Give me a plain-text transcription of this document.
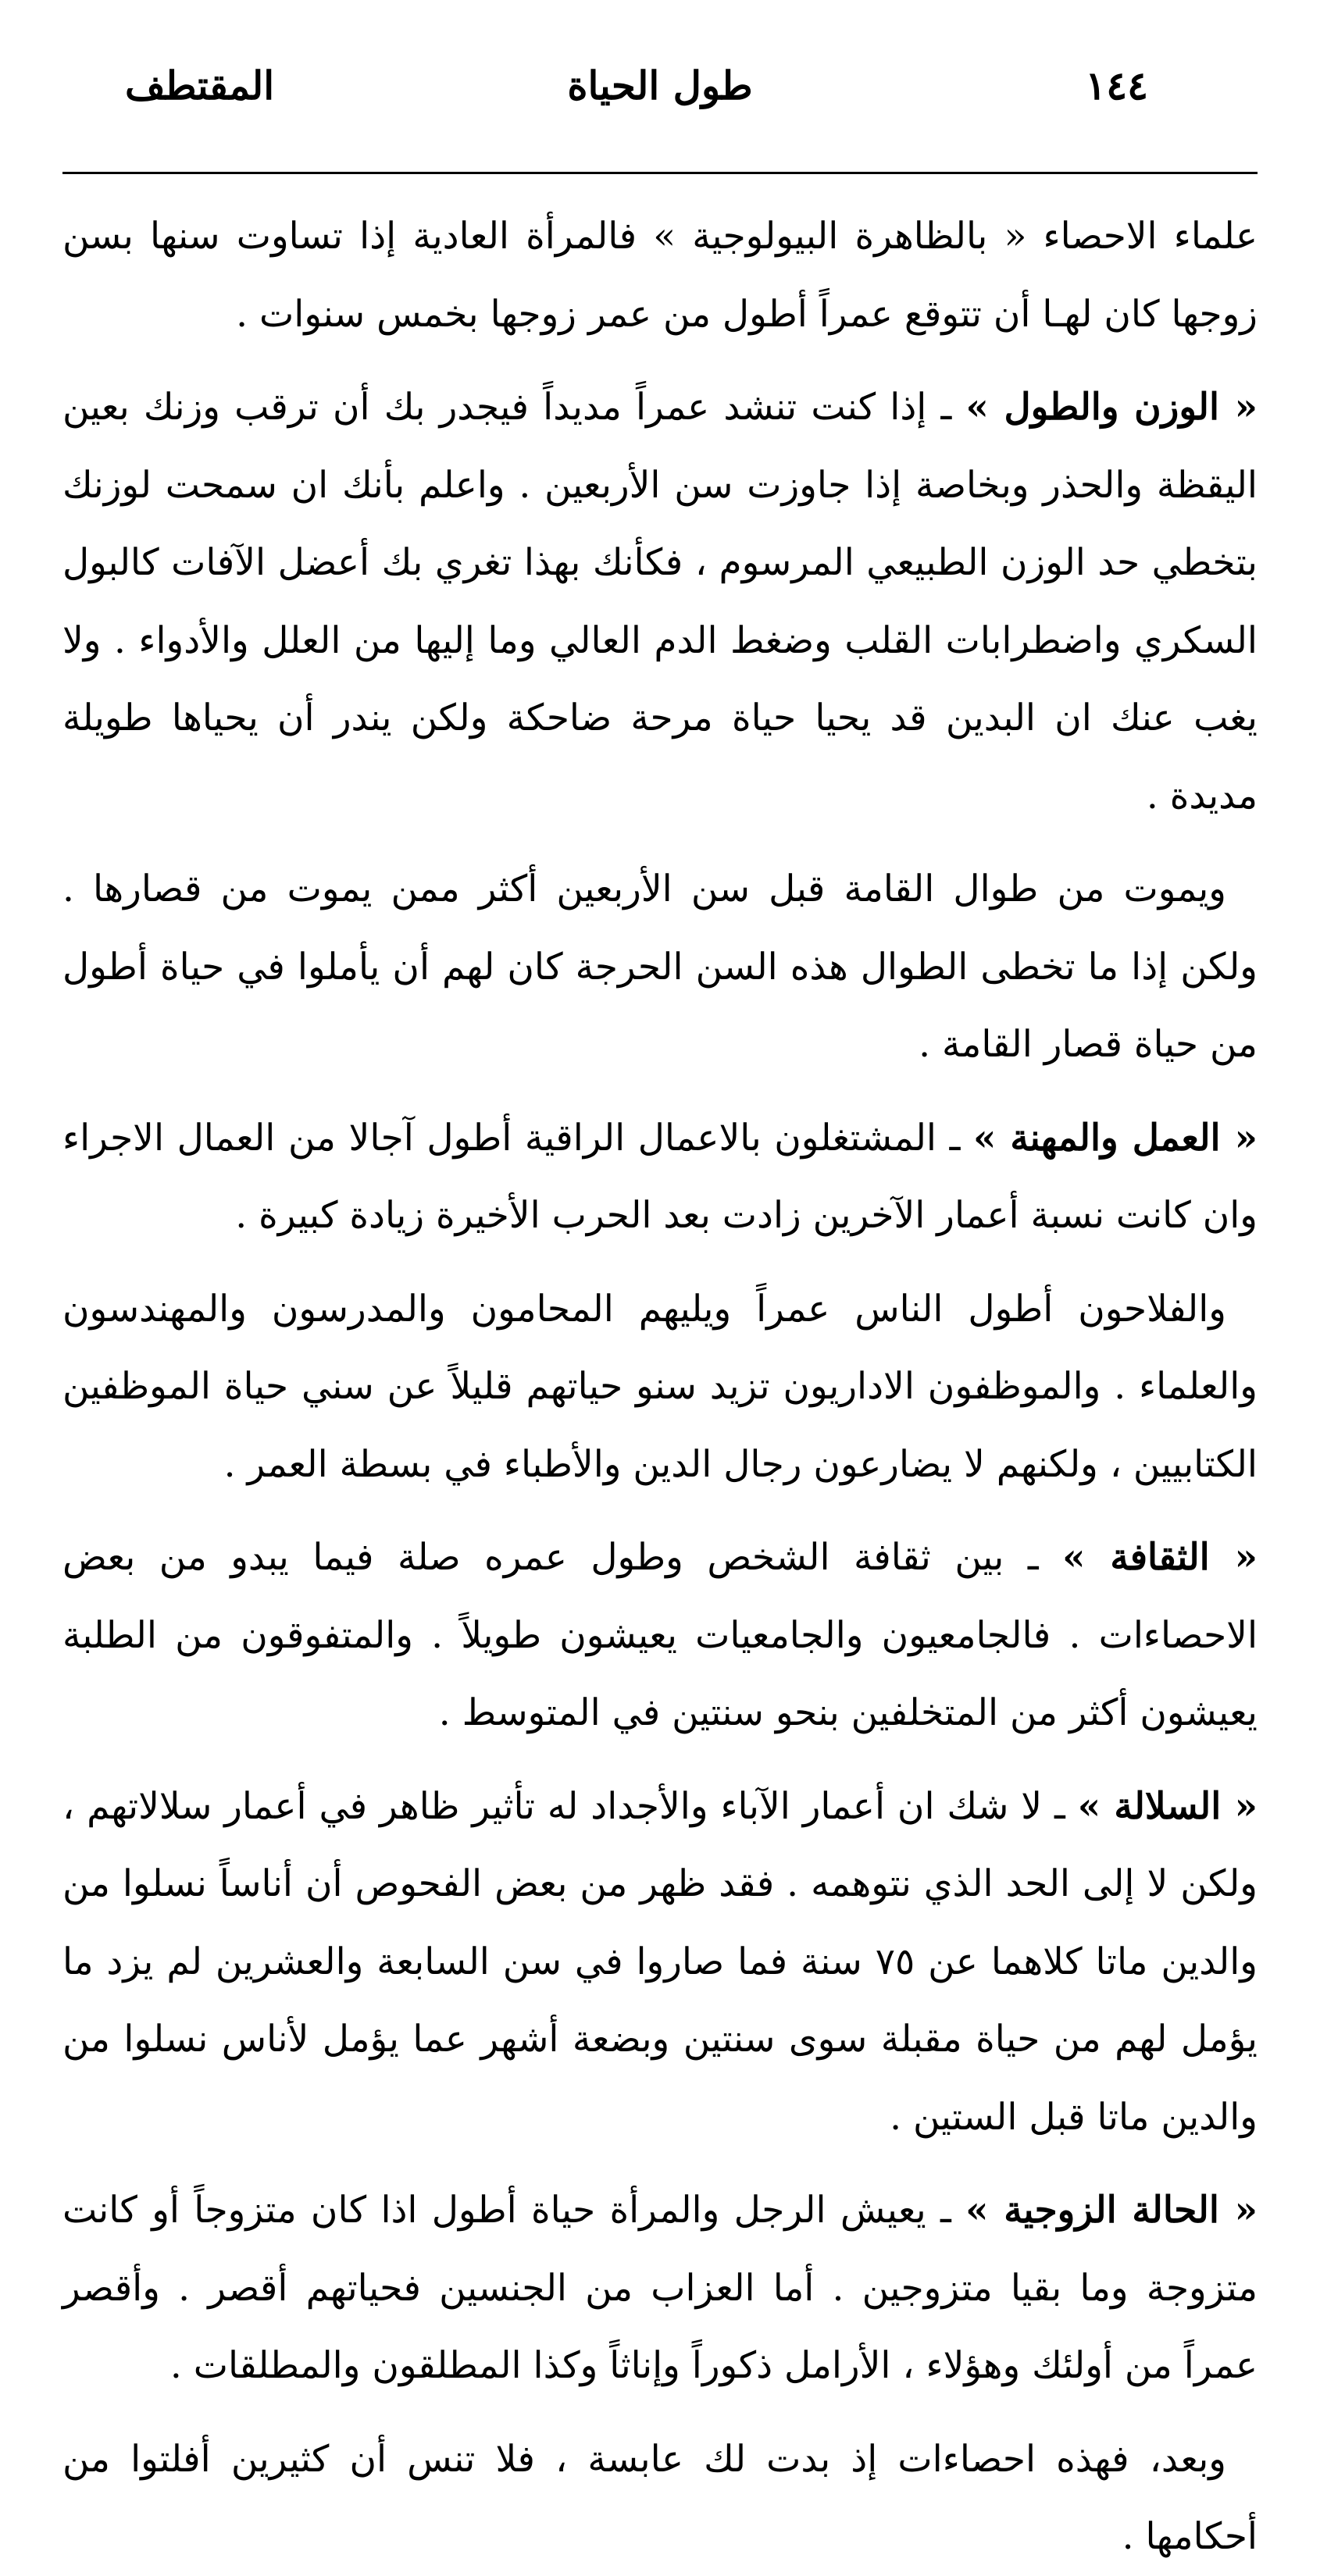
١٤٤
طول الحياة
المقتطف

علماء الاحصاء « بالظاهرة البيولوجية » فالمرأة العادية إذا تساوت سنها بسن زوجها كان لهـا أن تتوقع عمراً أطول من عمر زوجها بخمس سنوات .

« الوزن والطول » ـ إذا كنت تنشد عمراً مديداً فيجدر بك أن ترقب وزنك بعين اليقظة والحذر وبخاصة إذا جاوزت سن الأربعين . واعلم بأنك ان سمحت لوزنك بتخطي حد الوزن الطبيعي المرسوم ، فكأنك بهذا تغري بك أعضل الآفات كالبول السكري واضطرابات القلب وضغط الدم العالي وما إليها من العلل والأدواء . ولا يغب عنك ان البدين قد يحيا حياة مرحة ضاحكة ولكن يندر أن يحياها طويلة مديدة .

ويموت من طوال القامة قبل سن الأربعين أكثر ممن يموت من قصارها . ولكن إذا ما تخطى الطوال هذه السن الحرجة كان لهم أن يأملوا في حياة أطول من حياة قصار القامة .

« العمل والمهنة » ـ المشتغلون بالاعمال الراقية أطول آجالا من العمال الاجراء وان كانت نسبة أعمار الآخرين زادت بعد الحرب الأخيرة زيادة كبيرة .

والفلاحون أطول الناس عمراً ويليهم المحامون والمدرسون والمهندسون والعلماء . والموظفون الاداريون تزيد سنو حياتهم قليلاً عن سني حياة الموظفين الكتابيين ، ولكنهم لا يضارعون رجال الدين والأطباء في بسطة العمر .

« الثقافة » ـ بين ثقافة الشخص وطول عمره صلة فيما يبدو من بعض الاحصاءات . فالجامعيون والجامعيات يعيشون طويلاً . والمتفوقون من الطلبة يعيشون أكثر من المتخلفين بنحو سنتين في المتوسط .

« السلالة » ـ لا شك ان أعمار الآباء والأجداد له تأثير ظاهر في أعمار سلالاتهم ، ولكن لا إلى الحد الذي نتوهمه . فقد ظهر من بعض الفحوص أن أناساً نسلوا من والدين ماتا كلاهما عن ٧٥ سنة فما صاروا في سن السابعة والعشرين لم يزد ما يؤمل لهم من حياة مقبلة سوى سنتين وبضعة أشهر عما يؤمل لأناس نسلوا من والدين ماتا قبل الستين .

« الحالة الزوجية » ـ يعيش الرجل والمرأة حياة أطول اذا كان متزوجاً أو كانت متزوجة وما بقيا متزوجين . أما العزاب من الجنسين فحياتهم أقصر . وأقصر عمراً من أولئك وهؤلاء ، الأرامل ذكوراً وإناثاً وكذا المطلقون والمطلقات .

وبعد، فهذه احصاءات إذ بدت لك عابسة ، فلا تنس أن كثيرين أفلتوا من أحكامها .
